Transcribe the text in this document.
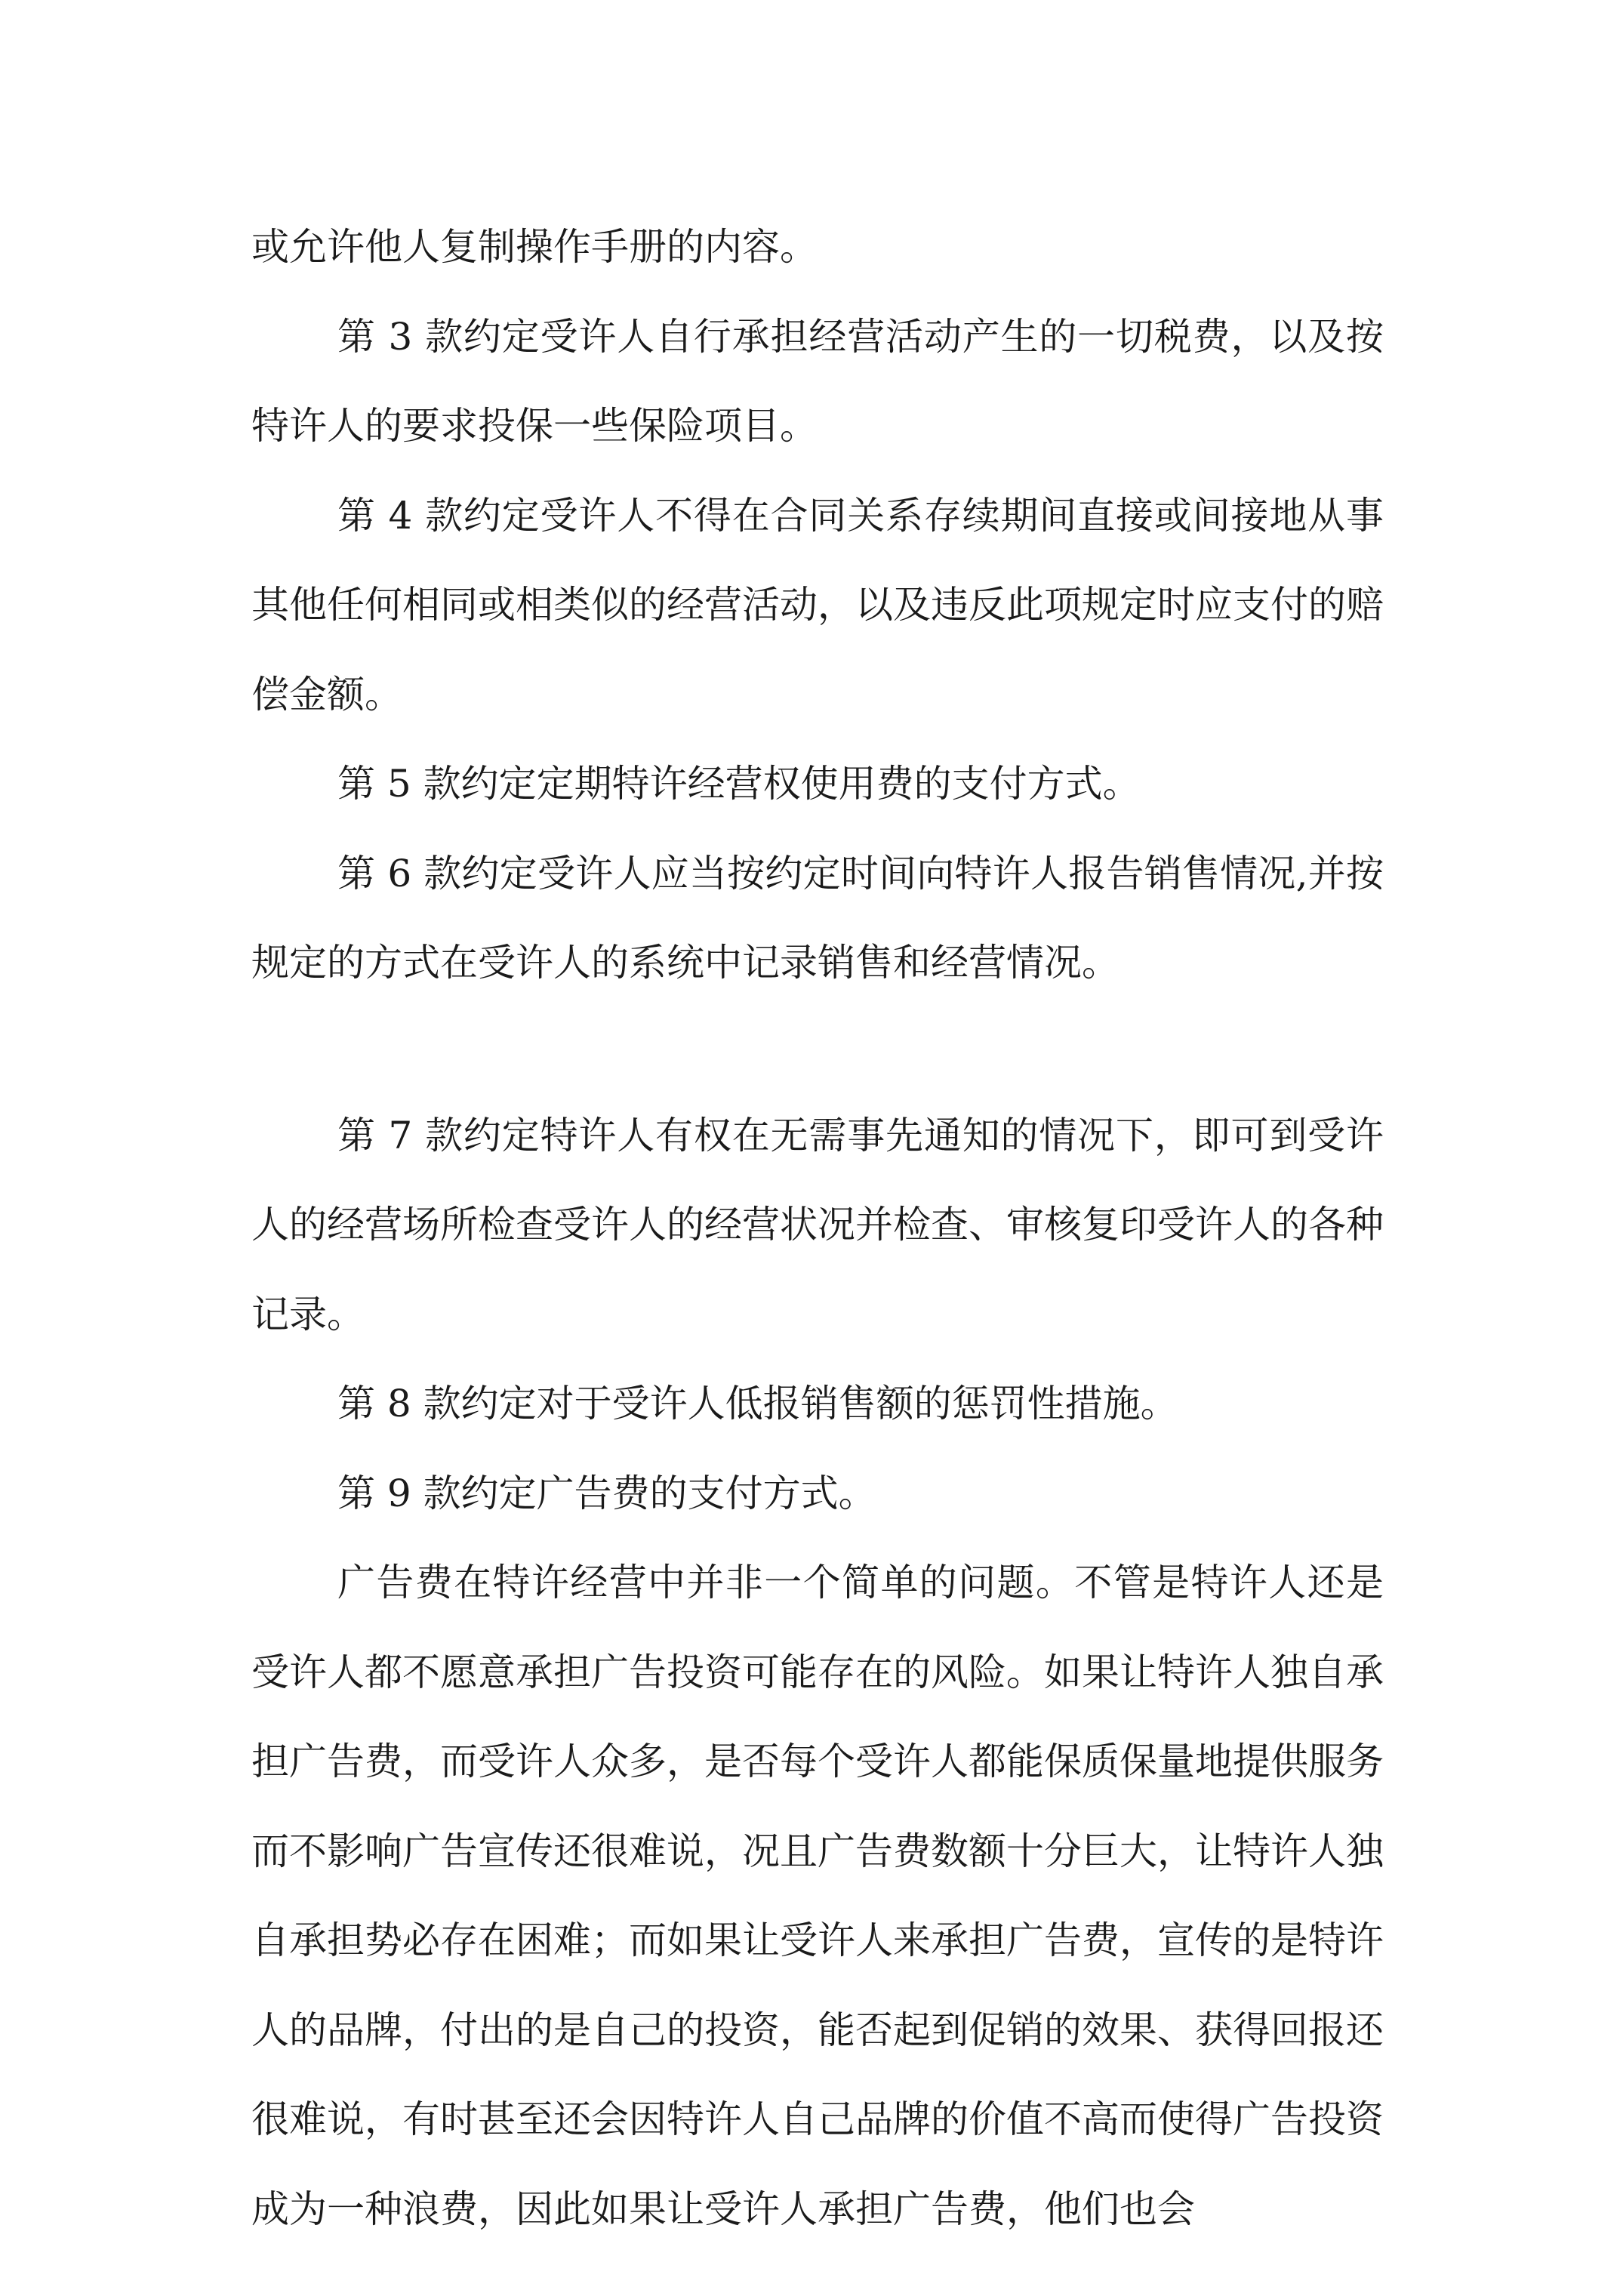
或允许他人复制操作手册的内容。

第 3 款约定受许人自行承担经营活动产生的一切税费，以及按特许人的要求投保一些保险项目。

第 4 款约定受许人不得在合同关系存续期间直接或间接地从事其他任何相同或相类似的经营活动，以及违反此项规定时应支付的赔偿金额。

第 5 款约定定期特许经营权使用费的支付方式。

第 6 款约定受许人应当按约定时间向特许人报告销售情况,并按规定的方式在受许人的系统中记录销售和经营情况。

第 7 款约定特许人有权在无需事先通知的情况下，即可到受许人的经营场所检查受许人的经营状况并检查、审核复印受许人的各种记录。

第 8 款约定对于受许人低报销售额的惩罚性措施。

第 9 款约定广告费的支付方式。

广告费在特许经营中并非一个简单的问题。不管是特许人还是受许人都不愿意承担广告投资可能存在的风险。如果让特许人独自承担广告费，而受许人众多，是否每个受许人都能保质保量地提供服务而不影响广告宣传还很难说，况且广告费数额十分巨大，让特许人独自承担势必存在困难；而如果让受许人来承担广告费，宣传的是特许人的品牌，付出的是自己的投资，能否起到促销的效果、获得回报还很难说，有时甚至还会因特许人自己品牌的价值不高而使得广告投资成为一种浪费，因此如果让受许人承担广告费，他们也会
